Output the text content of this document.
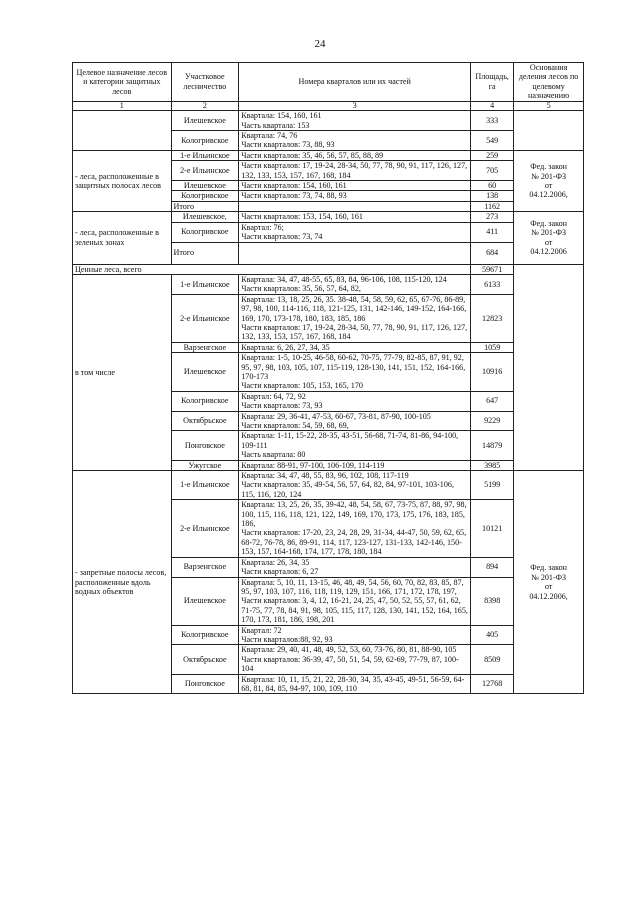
24
Целевое назначение лесов и категории защитных лесов	Участковое лесничество	Номера кварталов или их частей	Площадь, га	Основания деления лесов по целевому назначению
1	2	3	4	5
	Илешевское	Квартала: 154, 160, 161
Часть квартала: 153	333	
	Кологривское	Квартала: 74, 76
Части кварталов: 73, 88, 93	549	
- леса, расположенные в защитных полосах лесов	1-е Ильинское	Части кварталов: 35, 46, 56, 57, 85, 88, 89	259	Фед. закон
№ 201-ФЗ
от
04.12.2006,

	2-е Ильинское	Части кварталов: 17, 19-24, 28-34, 50, 77, 78, 90, 91, 117, 126, 127, 132, 133, 153, 157, 167, 168, 184	705	
	Илешевское	Части кварталов: 154, 160, 161	60	
	Кологривское	Части кварталов: 73, 74, 88, 93	138	
	Итого		1162	
- леса, расположенные в зеленых зонах	Илешевское,	Части кварталов: 153, 154, 160, 161	273	Фед. закон
№ 201-ФЗ
от
04.12.2006

	Кологривское	Квартал: 76;
Части кварталов: 73, 74	411	
	Итого		684	
Ценные леса, всего			59671	
в том числе	1-е Ильинское	Квартала: 34, 47, 48-55, 65, 83, 84, 96-106, 108, 115-120, 124
Части кварталов: 35, 56, 57, 64, 82,	6133	
	2-е Ильинское	Квартала: 13, 18, 25, 26, 35. 38-48, 54, 58, 59, 62, 65, 67-76, 86-89, 97, 98, 100, 114-116, 118, 121-125, 131, 142-146, 149-152, 164-166, 169, 170, 173-178, 180, 183, 185, 186
Части кварталов: 17, 19-24, 28-34, 50, 77, 78, 90, 91, 117, 126, 127, 132, 133, 153, 157, 167, 168, 184	12823	
	Варзенгское	Квартала: 6, 26, 27, 34, 35	1059	
	Илешевское	Квартала: 1-5, 10-25, 46-58, 60-62, 70-75, 77-79, 82-85, 87, 91, 92, 95, 97, 98, 103, 105, 107, 115-119, 128-130, 141, 151, 152, 164-166, 170-173
Части кварталов: 105, 153, 165, 170	10916	
	Кологривское	Квартал: 64, 72, 92
Части кварталов: 73, 93	647	
	Октябрьское	Квартала: 29, 36-41, 47-53, 60-67, 73-81, 87-90, 100-105
Части кварталов: 54, 59, 68, 69,	9229	
	Понговское	Квартала: 1-11, 15-22, 28-35, 43-51, 56-68, 71-74, 81-86, 94-100, 109-111
Часть квартала: 80	14879	
	Ужугское	Квартала: 88-91, 97-100, 106-109, 114-119	3985	
- запретные полосы лесов, расположенные вдоль водных объектов	1-е Ильинское	Квартала: 34, 47, 48, 55, 83, 96, 102, 108, 117-119
Части кварталов: 35, 49-54, 56, 57, 64, 82, 84, 97-101, 103-106, 115, 116, 120, 124	5199	Фед. закон
№ 201-ФЗ
от
04.12.2006,

	2-е Ильинское	Квартала: 13, 25, 26, 35, 39-42, 48, 54, 58, 67, 73-75, 87, 88, 97, 98, 100, 115, 116, 118, 121, 122, 149, 169, 170, 173, 175, 176, 183, 185, 186,
Части кварталов: 17-20, 23, 24, 28, 29, 31-34, 44-47, 50, 59, 62, 65, 68-72, 76-78, 86, 89-91, 114, 117, 123-127, 131-133, 142-146, 150-153, 157, 164-168, 174, 177, 178, 180, 184	10121	
	Варзенгское	Квартала: 26, 34, 35
Части кварталов: 6, 27	894	
	Илешевское	Квартала: 5, 10, 11, 13-15, 46, 48, 49, 54, 56, 60, 70, 82, 83, 85, 87, 95, 97, 103, 107, 116, 118, 119, 129, 151, 166, 171, 172, 178, 197,
Части кварталов: 3, 4, 12, 16-21, 24, 25, 47, 50, 52, 55, 57, 61, 62, 71-75, 77, 78, 84, 91, 98, 105, 115, 117, 128, 130, 141, 152, 164, 165, 170, 173, 181, 186, 198, 201	8398	
	Кологривское	Квартал: 72
Части кварталов:88, 92, 93	405	
	Октябрьское	Квартала: 29, 40, 41, 48, 49, 52, 53, 60, 73-76, 80, 81, 88-90, 105
Части кварталов: 36-39, 47, 50, 51, 54, 59, 62-69, 77-79, 87, 100-104	8509	
	Понговское	Квартала: 10, 11, 15, 21, 22, 28-30, 34, 35, 43-45, 49-51, 56-59, 64-68, 81, 84, 85, 94-97, 100, 109, 110	12768	
